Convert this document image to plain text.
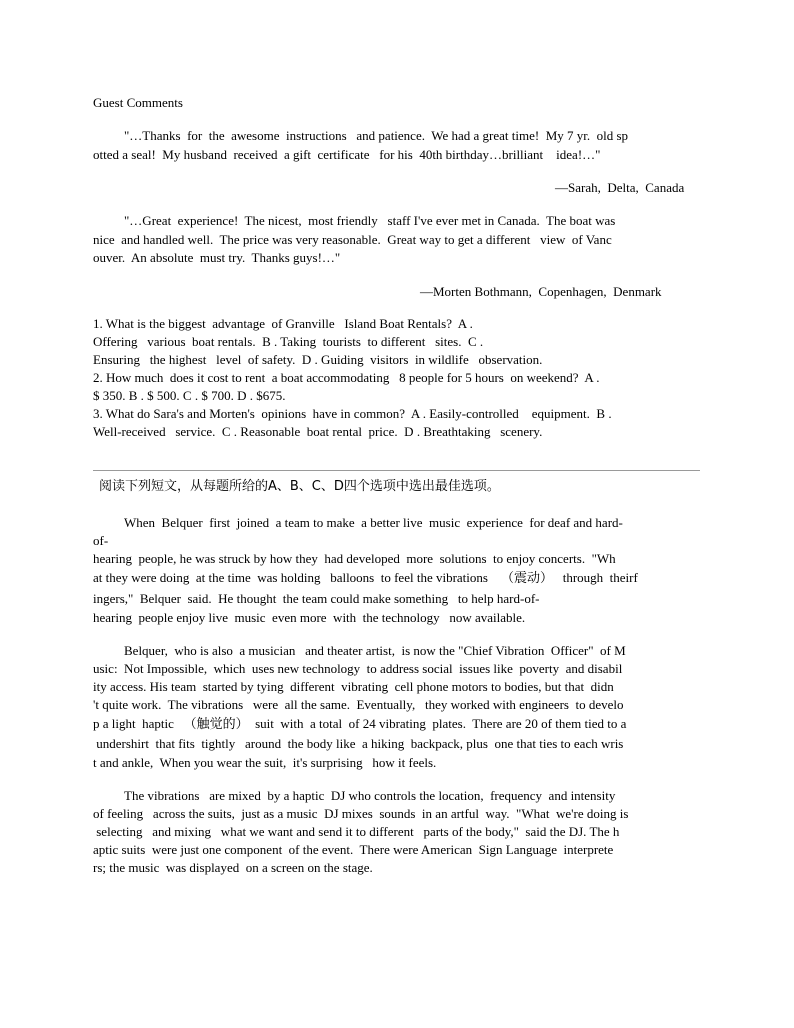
Guest Comments
"…Thanks  for  the  awesome  instructions   and patience.  We had a great time!  My 7 yr.  old sp
otted a seal!  My husband  received  a gift  certificate   for his  40th birthday…brilliant    idea!…"
—Sarah,  Delta,  Canada
"…Great  experience!  The nicest,  most friendly   staff I've ever met in Canada.  The boat was
nice  and handled well.  The price was very reasonable.  Great way to get a different   view  of Vanc
ouver.  An absolute  must try.  Thanks guys!…"
—Morten Bothmann,  Copenhagen,  Denmark
1. What is the biggest  advantage  of Granville   Island Boat Rentals?  A .
Offering   various  boat rentals.  B . Taking  tourists  to different   sites.  C .
Ensuring   the highest   level  of safety.  D . Guiding  visitors  in wildlife   observation.
2. How much  does it cost to rent  a boat accommodating   8 people for 5 hours  on weekend?  A .
$ 350. B . $ 500. C . $ 700. D . $675.
3. What do Sara's and Morten's  opinions  have in common?  A . Easily-controlled    equipment.  B .
Well-received   service.  C . Reasonable  boat rental  price.  D . Breathtaking   scenery.
阅读下列短文，从每题所给的A、B、C、D四个选项中选出最佳选项。
When  Belquer  first  joined  a team to make  a better live  music  experience  for deaf and hard-
of-
hearing  people, he was struck by how they  had developed  more  solutions  to enjoy concerts.  "Wh
at they were doing  at the time  was holding   balloons  to feel the vibrations    （震动）   through  theirf
ingers,"  Belquer  said.  He thought  the team could make something   to help hard-of-
hearing  people enjoy live  music  even more  with  the technology   now available.
Belquer,  who is also  a musician   and theater artist,  is now the "Chief Vibration  Officer"  of M
usic:  Not Impossible,  which  uses new technology  to address social  issues like  poverty  and disabil
ity access. His team  started by tying  different  vibrating  cell phone motors to bodies, but that  didn
't quite work.  The vibrations   were  all the same.  Eventually,   they worked with engineers  to develo
p a light  haptic   （触觉的）  suit  with  a total  of 24 vibrating  plates.  There are 20 of them tied to a
undershirt  that fits  tightly   around  the body like  a hiking  backpack, plus  one that ties to each wris
t and ankle,  When you wear the suit,  it's surprising   how it feels.
The vibrations   are mixed  by a haptic  DJ who controls the location,  frequency  and intensity
of feeling   across the suits,  just as a music  DJ mixes  sounds  in an artful  way.  "What  we're doing is
selecting   and mixing   what we want and send it to different   parts of the body,"  said the DJ. The h
aptic suits  were just one component  of the event.  There were American  Sign Language  interprete
rs; the music  was displayed  on a screen on the stage.
